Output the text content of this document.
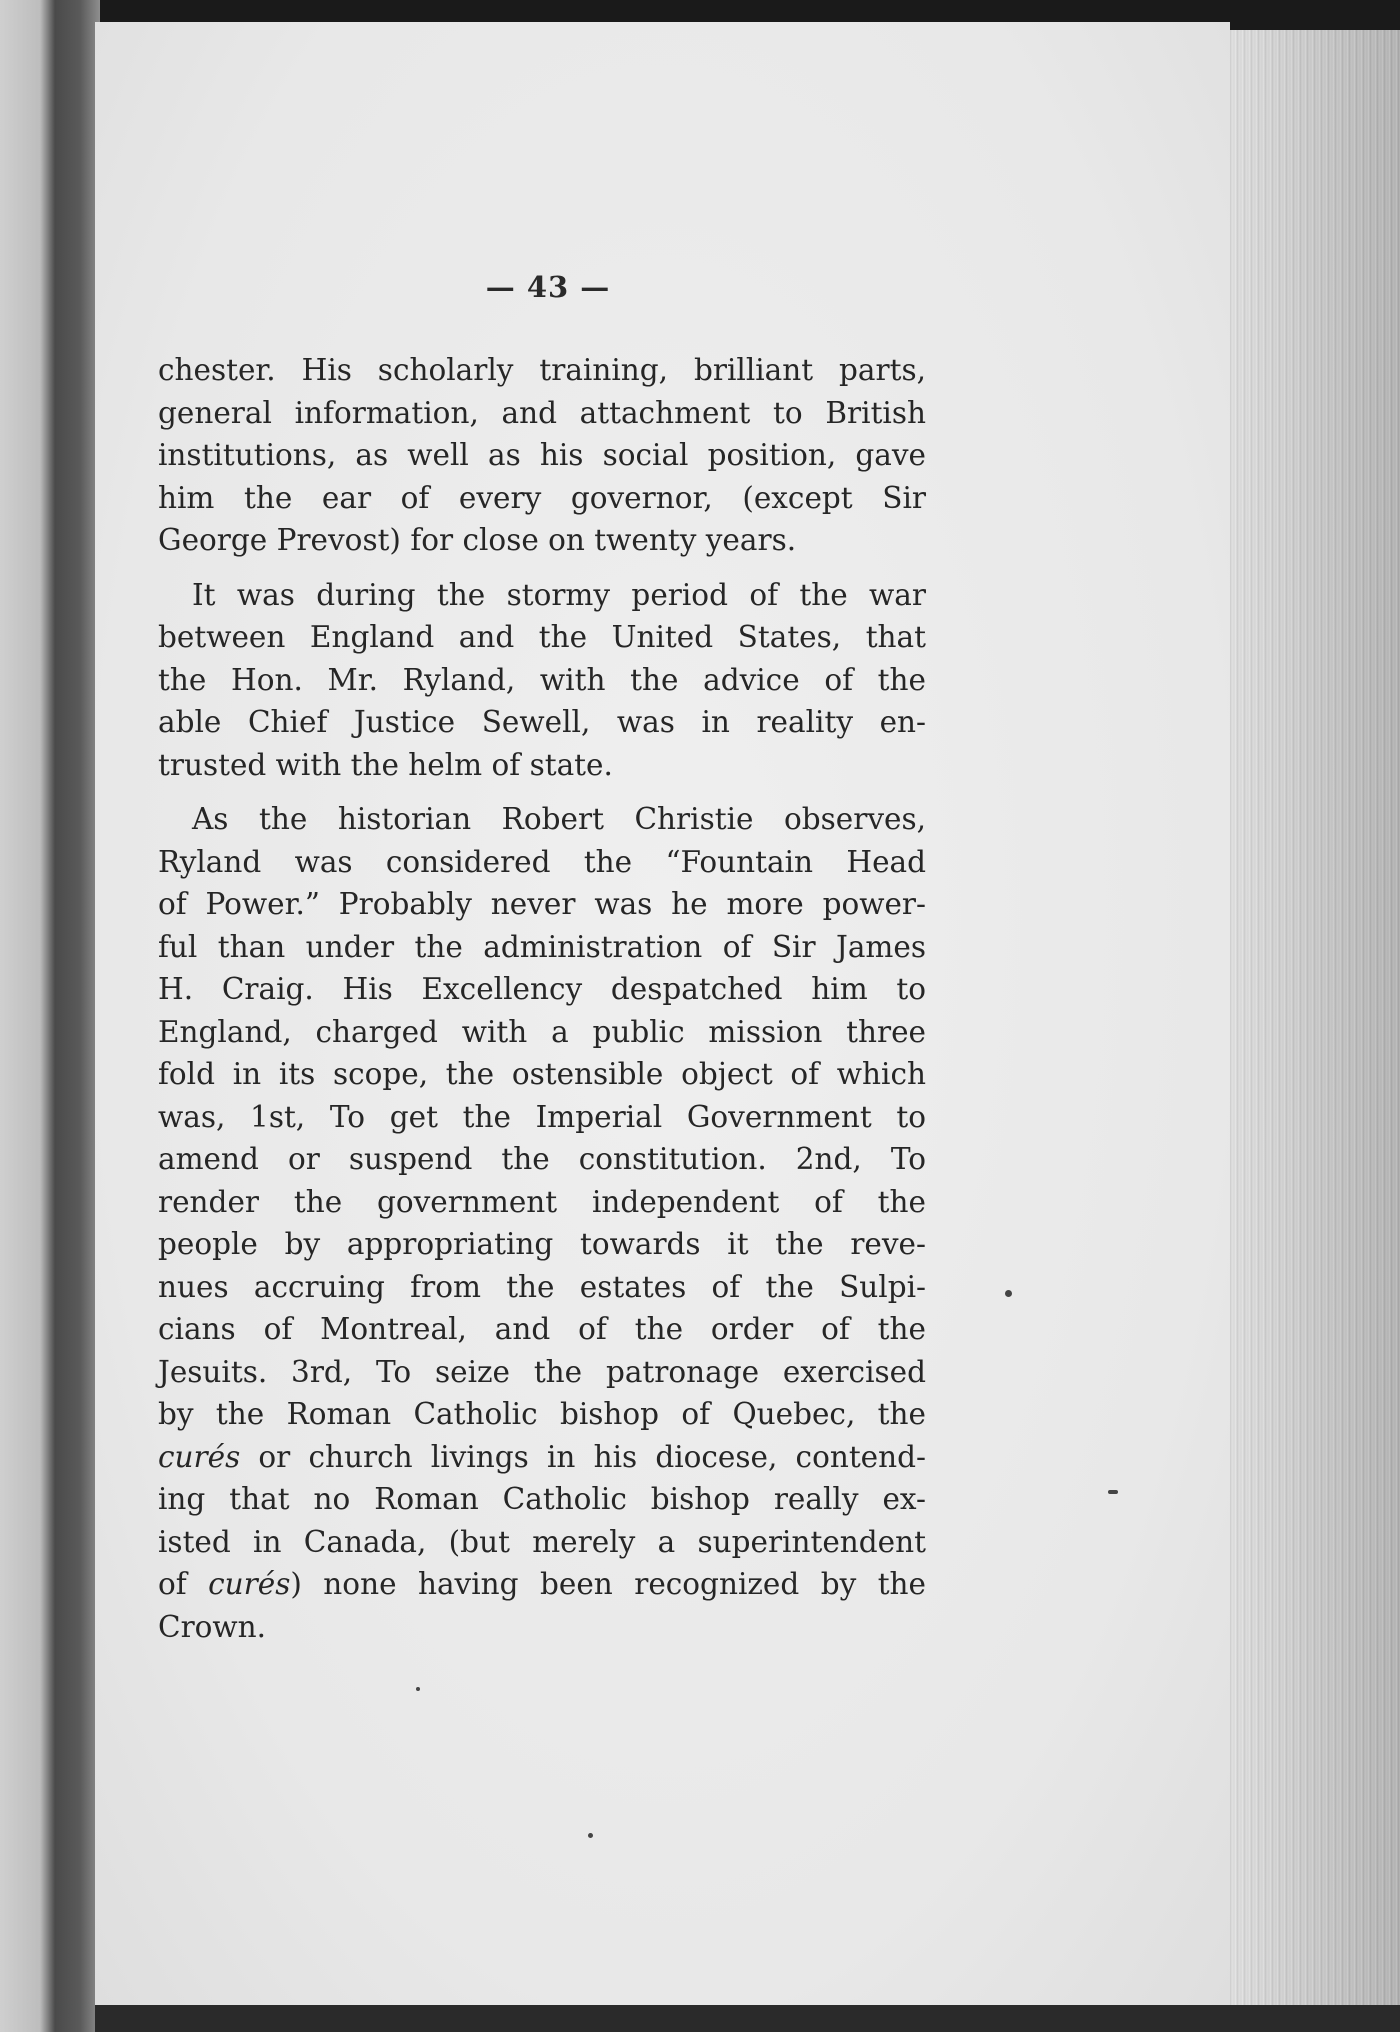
— 43 —

chester. His scholarly training, brilliant parts,
general information, and attachment to British
institutions, as well as his social position, gave
him the ear of every governor, (except Sir
George Prevost) for close on twenty years.

It was during the stormy period of the war
between England and the United States, that
the Hon. Mr. Ryland, with the advice of the
able Chief Justice Sewell, was in reality en-
trusted with the helm of state.

As the historian Robert Christie observes,
Ryland was considered the “Fountain Head
of Power.” Probably never was he more power-
ful than under the administration of Sir James
H. Craig. His Excellency despatched him to
England, charged with a public mission three
fold in its scope, the ostensible object of which
was, 1st, To get the Imperial Government to
amend or suspend the constitution. 2nd, To
render the government independent of the
people by appropriating towards it the reve-
nues accruing from the estates of the Sulpi-
cians of Montreal, and of the order of the
Jesuits. 3rd, To seize the patronage exercised
by the Roman Catholic bishop of Quebec, the
curés or church livings in his diocese, contend-
ing that no Roman Catholic bishop really ex-
isted in Canada, (but merely a superintendent
of curés) none having been recognized by the
Crown.
